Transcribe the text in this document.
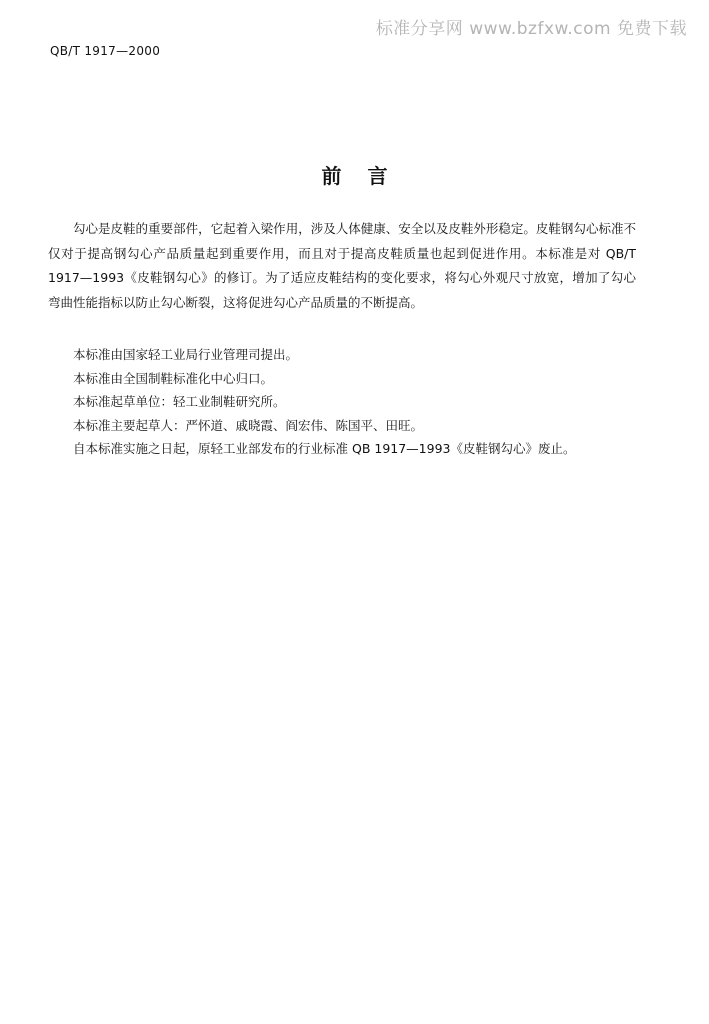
标准分享网 www.bzfxw.com 免费下载
QB/T 1917—2000
前言
勾心是皮鞋的重要部件，它起着入梁作用，涉及人体健康、安全以及皮鞋外形稳定。皮鞋钢勾心标准不仅对于提高钢勾心产品质量起到重要作用，而且对于提高皮鞋质量也起到促进作用。本标准是对 QB/T 1917—1993《皮鞋钢勾心》的修订。为了适应皮鞋结构的变化要求，将勾心外观尺寸放宽，增加了勾心弯曲性能指标以防止勾心断裂，这将促进勾心产品质量的不断提高。
本标准由国家轻工业局行业管理司提出。
本标准由全国制鞋标准化中心归口。
本标准起草单位：轻工业制鞋研究所。
本标准主要起草人：严怀道、戚晓霞、阎宏伟、陈国平、田旺。
自本标准实施之日起，原轻工业部发布的行业标准 QB 1917—1993《皮鞋钢勾心》废止。
